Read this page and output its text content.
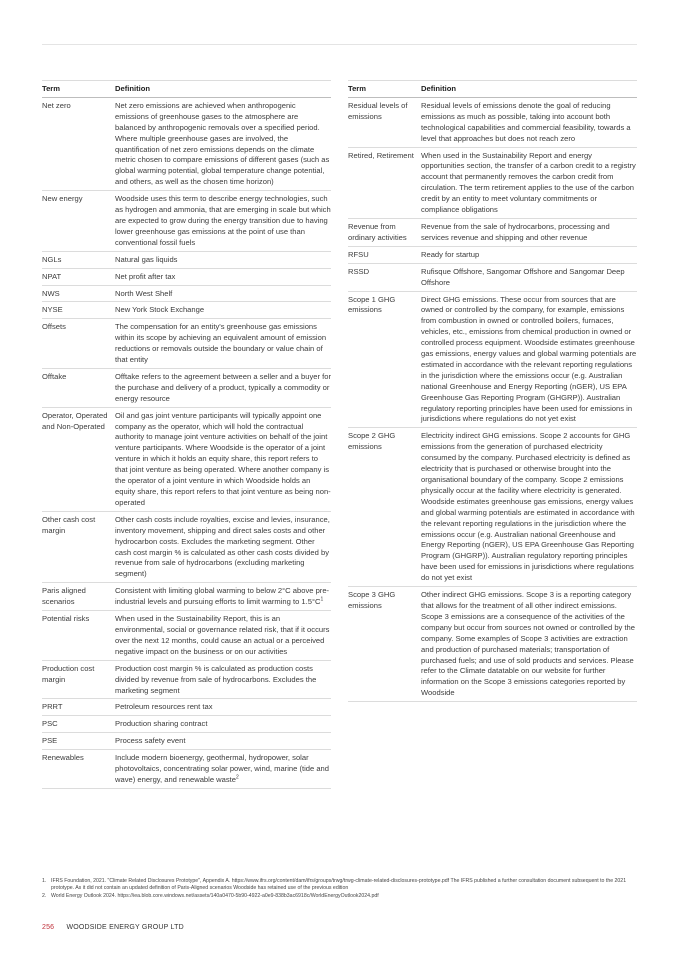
Term	Definition
Net zero	Net zero emissions are achieved when anthropogenic emissions of greenhouse gases to the atmosphere are balanced by anthropogenic removals over a specified period. Where multiple greenhouse gases are involved, the quantification of net zero emissions depends on the climate metric chosen to compare emissions of different gases (such as global warming potential, global temperature change potential, and others, as well as the chosen time horizon)
New energy	Woodside uses this term to describe energy technologies, such as hydrogen and ammonia, that are emerging in scale but which are expected to grow during the energy transition due to having lower greenhouse gas emissions at the point of use than conventional fossil fuels
NGLs	Natural gas liquids
NPAT	Net profit after tax
NWS	North West Shelf
NYSE	New York Stock Exchange
Offsets	The compensation for an entity's greenhouse gas emissions within its scope by achieving an equivalent amount of emission reductions or removals outside the boundary or value chain of that entity
Offtake	Offtake refers to the agreement between a seller and a buyer for the purchase and delivery of a product, typically a commodity or energy resource
Operator, Operated and Non-Operated	Oil and gas joint venture participants will typically appoint one company as the operator, which will hold the contractual authority to manage joint venture activities on behalf of the joint venture participants. Where Woodside is the operator of a joint venture in which it holds an equity share, this report refers to that joint venture as being operated. Where another company is the operator of a joint venture in which Woodside holds an equity share, this report refers to that joint venture as being non-operated
Other cash cost margin	Other cash costs include royalties, excise and levies, insurance, inventory movement, shipping and direct sales costs and other hydrocarbon costs. Excludes the marketing segment. Other cash cost margin % is calculated as other cash costs divided by revenue from sale of hydrocarbons (excluding marketing segment)
Paris aligned scenarios	Consistent with limiting global warming to below 2°C above pre-industrial levels and pursuing efforts to limit warming to $1.5^\circ C^1$
Potential risks	When used in the Sustainability Report, this is an environmental, social or governance related risk, that if it occurs over the next 12 months, could cause an actual or a perceived negative impact on the business or on our activities
Production cost margin	Production cost margin % is calculated as production costs divided by revenue from sale of hydrocarbons. Excludes the marketing segment
PRRT	Petroleum resources rent tax
PSC	Production sharing contract
PSE	Process safety event
Renewables	Include modern bioenergy, geothermal, hydropower, solar photovoltaics, concentrating solar power, wind, marine (tide and wave) energy, and renewable waste$^2$
Term	Definition
Residual levels of emissions	Residual levels of emissions denote the goal of reducing emissions as much as possible, taking into account both technological capabilities and commercial feasibility, towards a level that approaches but does not reach zero
Retired, Retirement	When used in the Sustainability Report and energy opportunities section, the transfer of a carbon credit to a registry account that permanently removes the carbon credit from circulation. The term retirement applies to the use of the carbon credit by an entity to meet voluntary commitments or compliance obligations
Revenue from ordinary activities	Revenue from the sale of hydrocarbons, processing and services revenue and shipping and other revenue
RFSU	Ready for startup
RSSD	Rufisque Offshore, Sangomar Offshore and Sangomar Deep Offshore
Scope 1 GHG emissions	Direct GHG emissions. These occur from sources that are owned or controlled by the company, for example, emissions from combustion in owned or controlled boilers, furnaces, vehicles, etc., emissions from chemical production in owned or controlled process equipment. Woodside estimates greenhouse gas emissions, energy values and global warming potentials are estimated in accordance with the relevant reporting regulations in the jurisdiction where the emissions occur (e.g. Australian national Greenhouse and Energy Reporting (nGER), US EPA Greenhouse Gas Reporting Program (GHGRP)). Australian regulatory reporting principles have been used for emissions in jurisdictions where regulations do not yet exist
Scope 2 GHG emissions	Electricity indirect GHG emissions. Scope 2 accounts for GHG emissions from the generation of purchased electricity consumed by the company. Purchased electricity is defined as electricity that is purchased or otherwise brought into the organisational boundary of the company. Scope 2 emissions physically occur at the facility where electricity is generated. Woodside estimates greenhouse gas emissions, energy values and global warming potentials are estimated in accordance with the relevant reporting regulations in the jurisdiction where the emissions occur (e.g. Australian national Greenhouse and Energy Reporting (nGER), US EPA Greenhouse Gas Reporting Program (GHGRP)). Australian regulatory reporting principles have been used for emissions in jurisdictions where regulations do not yet exist
Scope 3 GHG emissions	Other indirect GHG emissions. Scope 3 is a reporting category that allows for the treatment of all other indirect emissions. Scope 3 emissions are a consequence of the activities of the company but occur from sources not owned or controlled by the company. Some examples of Scope 3 activities are extraction and production of purchased materials; transportation of purchased fuels; and use of sold products and services. Please refer to the Climate datatable on our website for further information on the Scope 3 emissions categories reported by Woodside
1. IFRS Foundation, 2021. "Climate Related Disclosures Prototype", Appendix A. https://www.ifrs.org/content/dam/ifrs/groups/trwg/trwg-climate-related-disclosures-prototype.pdf The IFRS published a further consultation document subsequent to the 2021 prototype. As it did not contain an updated definition of Paris-Aligned scenarios Woodside has retained use of the previous edition
2. World Energy Outlook 2024. https://iea.blob.core.windows.net/assets/140a0470-5b90-4922-a0e9-838b3ac6918c/WorldEnergyOutlook2024.pdf
256 WOODSIDE ENERGY GROUP LTD
